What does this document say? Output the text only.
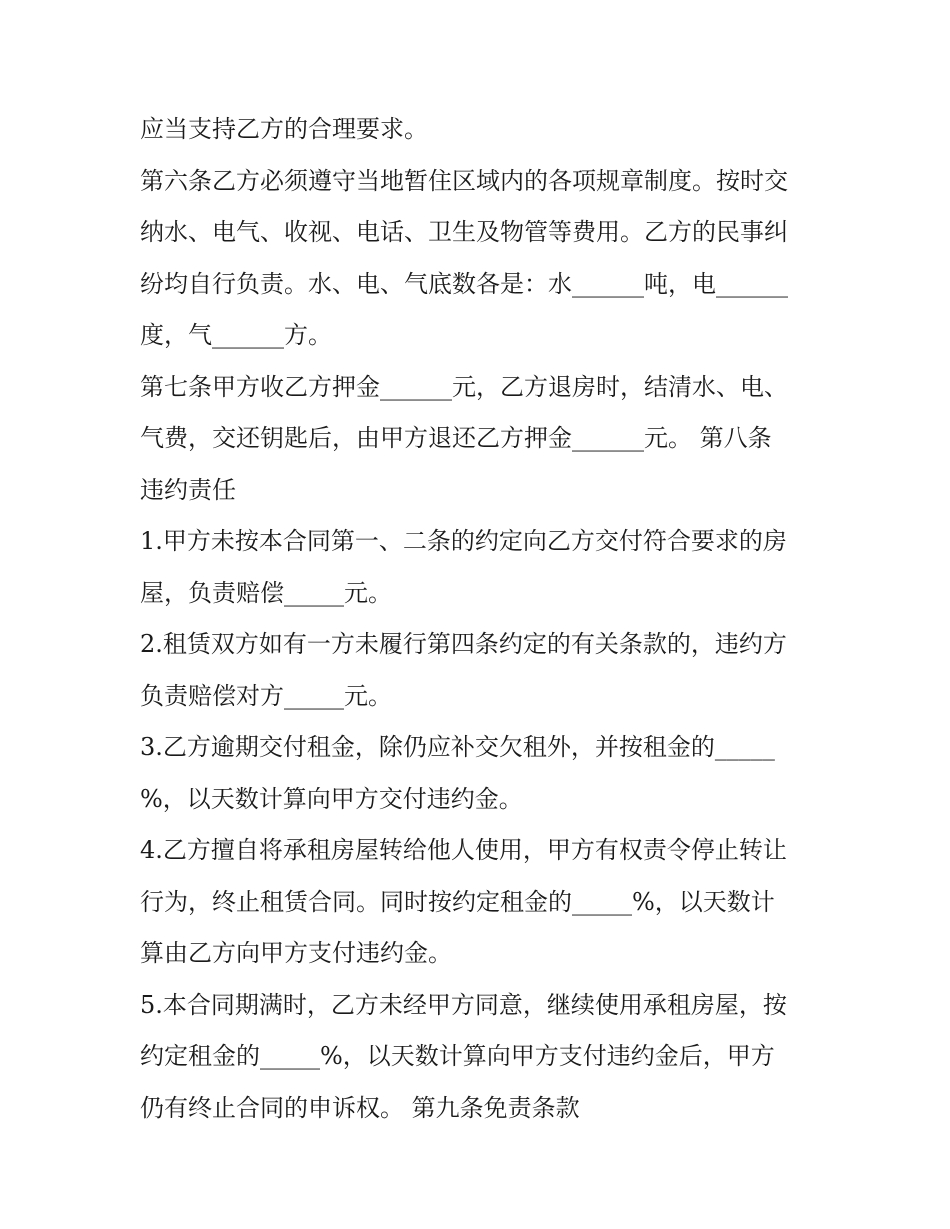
应当支持乙方的合理要求。
第六条乙方必须遵守当地暂住区域内的各项规章制度。按时交
纳水、电气、收视、电话、卫生及物管等费用。乙方的民事纠
纷均自行负责。水、电、气底数各是：水______吨，电______
度，气______方。
第七条甲方收乙方押金______元，乙方退房时，结清水、电、
气费，交还钥匙后，由甲方退还乙方押金______元。 第八条
违约责任
1.甲方未按本合同第一、二条的约定向乙方交付符合要求的房
屋，负责赔偿_____元。
2.租赁双方如有一方未履行第四条约定的有关条款的，违约方
负责赔偿对方_____元。
3.乙方逾期交付租金，除仍应补交欠租外，并按租金的_____
%，以天数计算向甲方交付违约金。
4.乙方擅自将承租房屋转给他人使用，甲方有权责令停止转让
行为，终止租赁合同。同时按约定租金的_____%，以天数计
算由乙方向甲方支付违约金。
5.本合同期满时，乙方未经甲方同意，继续使用承租房屋，按
约定租金的_____%，以天数计算向甲方支付违约金后，甲方
仍有终止合同的申诉权。 第九条免责条款
